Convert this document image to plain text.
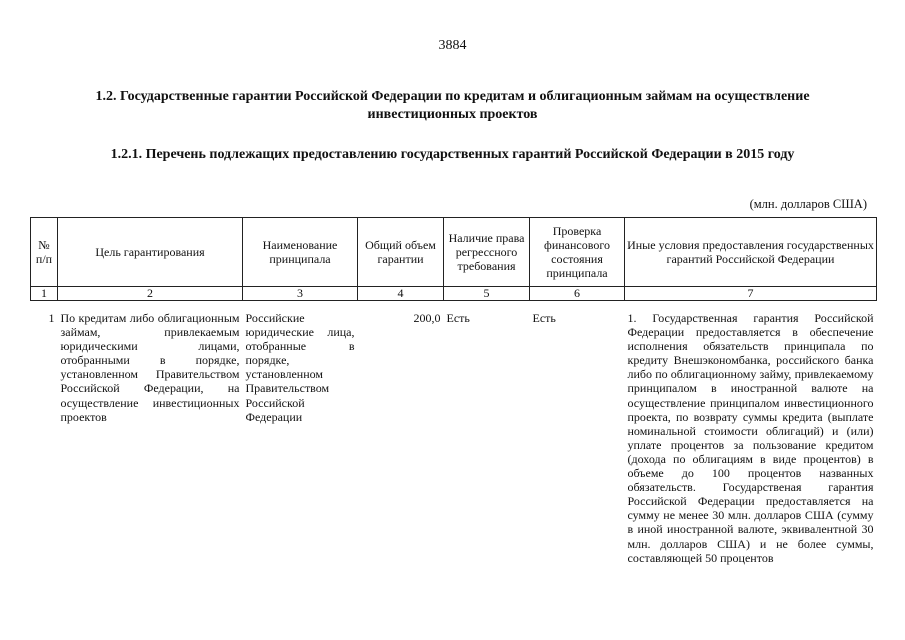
3884
1.2. Государственные гарантии Российской Федерации по кредитам и облигационным займам на осуществление инвестиционных проектов
1.2.1. Перечень подлежащих предоставлению государственных гарантий Российской Федерации в 2015 году
(млн. долларов США)
№ п/п	Цель гарантирования	Наименование принципала	Общий объем гарантии	Наличие права регрессного требования	Проверка финансового состояния принципала	Иные условия предоставления государственных гарантий Российской Федерации
1	2	3	4	5	6	7
1	По кредитам либо облигационным займам, привлекаемым юридическими лицами, отобранными в порядке, установленном Правительством Российской Федерации, на осуществление инвестиционных проектов	Российские юридические лица, отобранные в порядке, установленном Правительством Российской Федерации	200,0	Есть	Есть	1. Государственная гарантия Российской Федерации предоставляется в обеспечение исполнения обязательств принципала по кредиту Внешэкономбанка, российского банка либо по облигационному займу, привлекаемому принципалом в иностранной валюте на осуществление принципалом инвестиционного проекта, по возврату суммы кредита (выплате номинальной стоимости облигаций) и (или) уплате процентов за пользование кредитом (дохода по облигациям в виде процентов) в объеме до 100 процентов названных обязательств. Государственая гарантия Российской Федерации предоставляется на сумму не менее 30 млн. долларов США (сумму в иной иностранной валюте, эквивалентной 30 млн. долларов США) и не более суммы, составляющей 50 процентов
